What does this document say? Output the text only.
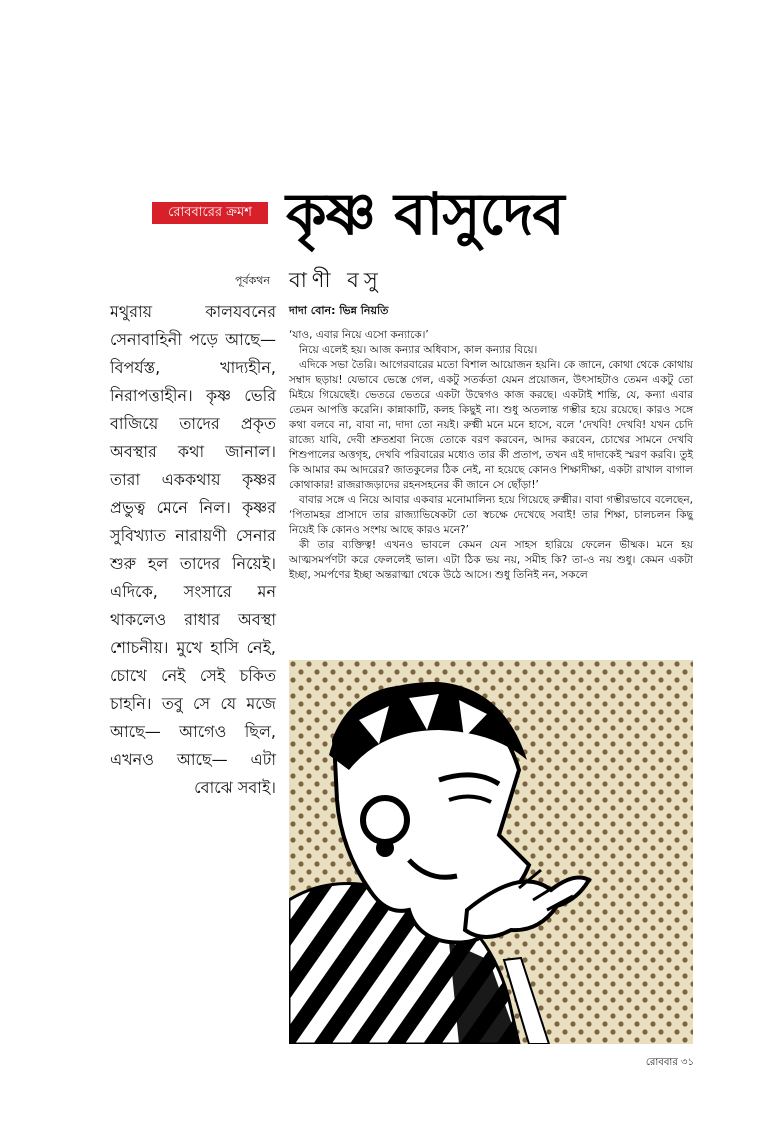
রোববারের ক্রমশ কৃষ্ণ বাসুদেব
বাণী বসু
পূর্বকথন
মথুরায় কালযবনের সেনাবাহিনী পড়ে আছে— বিপর্যস্ত, খাদ্যহীন, নিরাপত্তাহীন। কৃষ্ণ ভেরি বাজিয়ে তাদের প্রকৃত অবস্থার কথা জানাল। তারা এককথায় কৃষ্ণর প্রভুত্ব মেনে নিল। কৃষ্ণর সুবিখ্যাত নারায়ণী সেনার শুরু হল তাদের নিয়েই। এদিকে, সংসারে মন থাকলেও রাধার অবস্থা শোচনীয়। মুখে হাসি নেই, চোখে নেই সেই চকিত চাহনি। তবু সে যে মজে আছে— আগেও ছিল, এখনও আছে— এটা বোঝে সবাই।
দাদা বোন: ভিন্ন নিয়তি

‘যাও, এবার নিয়ে এসো কন্যাকে।’

নিয়ে এলেই হয়। আজ কন্যার অধিবাস, কাল কন্যার বিয়ে।

এদিকে সভা তৈরি। আগেরবারের মতো বিশাল আয়োজন হয়নি। কে জানে, কোথা থেকে কোথায় সম্বাদ ছড়ায়! যেভাবে ভেস্তে গেল, একটু সতর্কতা যেমন প্রয়োজন, উৎসাহটাও তেমন একটু তো মিইয়ে গিয়েছেই। ভেতরে ভেতরে একটা উদ্বেগও কাজ করছে। একটাই শান্তি, যে, কন্যা এবার তেমন আপত্তি করেনি। কান্নাকাটি, কলহ কিছুই না। শুধু অতলান্ত গম্ভীর হয়ে রয়েছে। কারও সঙ্গে কথা বলবে না, বাবা না, দাদা তো নয়ই। রুক্মী মনে মনে হাসে, বলে ‘দেখবি! দেখবি! যখন চেদি রাজ্যে যাবি, দেবী শ্রুতশ্রবা নিজে তোকে বরণ করবেন, আদর করবেন, চোখের সামনে দেখবি শিশুপালের অত্তগৃহ, দেখবি পরিবারের মধ্যেও তার কী প্রতাপ, তখন এই দাদাকেই স্মরণ করবি। তুই কি আমার কম আদরের? জাতকুলের ঠিক নেই, না হয়েছে কোনও শিক্ষাদীক্ষা, একটা রাখাল বাগাল কোথাকার! রাজরাজড়াদের রহনসহনের কী জানে সে ছোঁড়া!’

বাবার সঙ্গে এ নিয়ে আবার একবার মনোমালিন্য হয়ে গিয়েছে রুক্মীর। বাবা গম্ভীরভাবে বলেছেন, ‘পিতামহর প্রাসাদে তার রাজ্যাভিষেকটা তো স্বচক্ষে দেখেছে সবাই! তার শিক্ষা, চালচলন কিছু নিয়েই কি কোনও সংশয় আছে কারও মনে?’

কী তার ব্যক্তিত্ব! এখনও ভাবলে কেমন যেন সাহস হারিয়ে ফেলেন ভীষ্মক। মনে হয় আত্মসমর্পণটা করে ফেললেই ভাল। এটা ঠিক ভয় নয়, সমীহ কি? তা-ও নয় শুধু। কেমন একটা ইচ্ছা, সমর্পণের ইচ্ছা অন্তরাত্মা থেকে উঠে আসে। শুধু তিনিই নন, সকলে

রোববার ৩১
